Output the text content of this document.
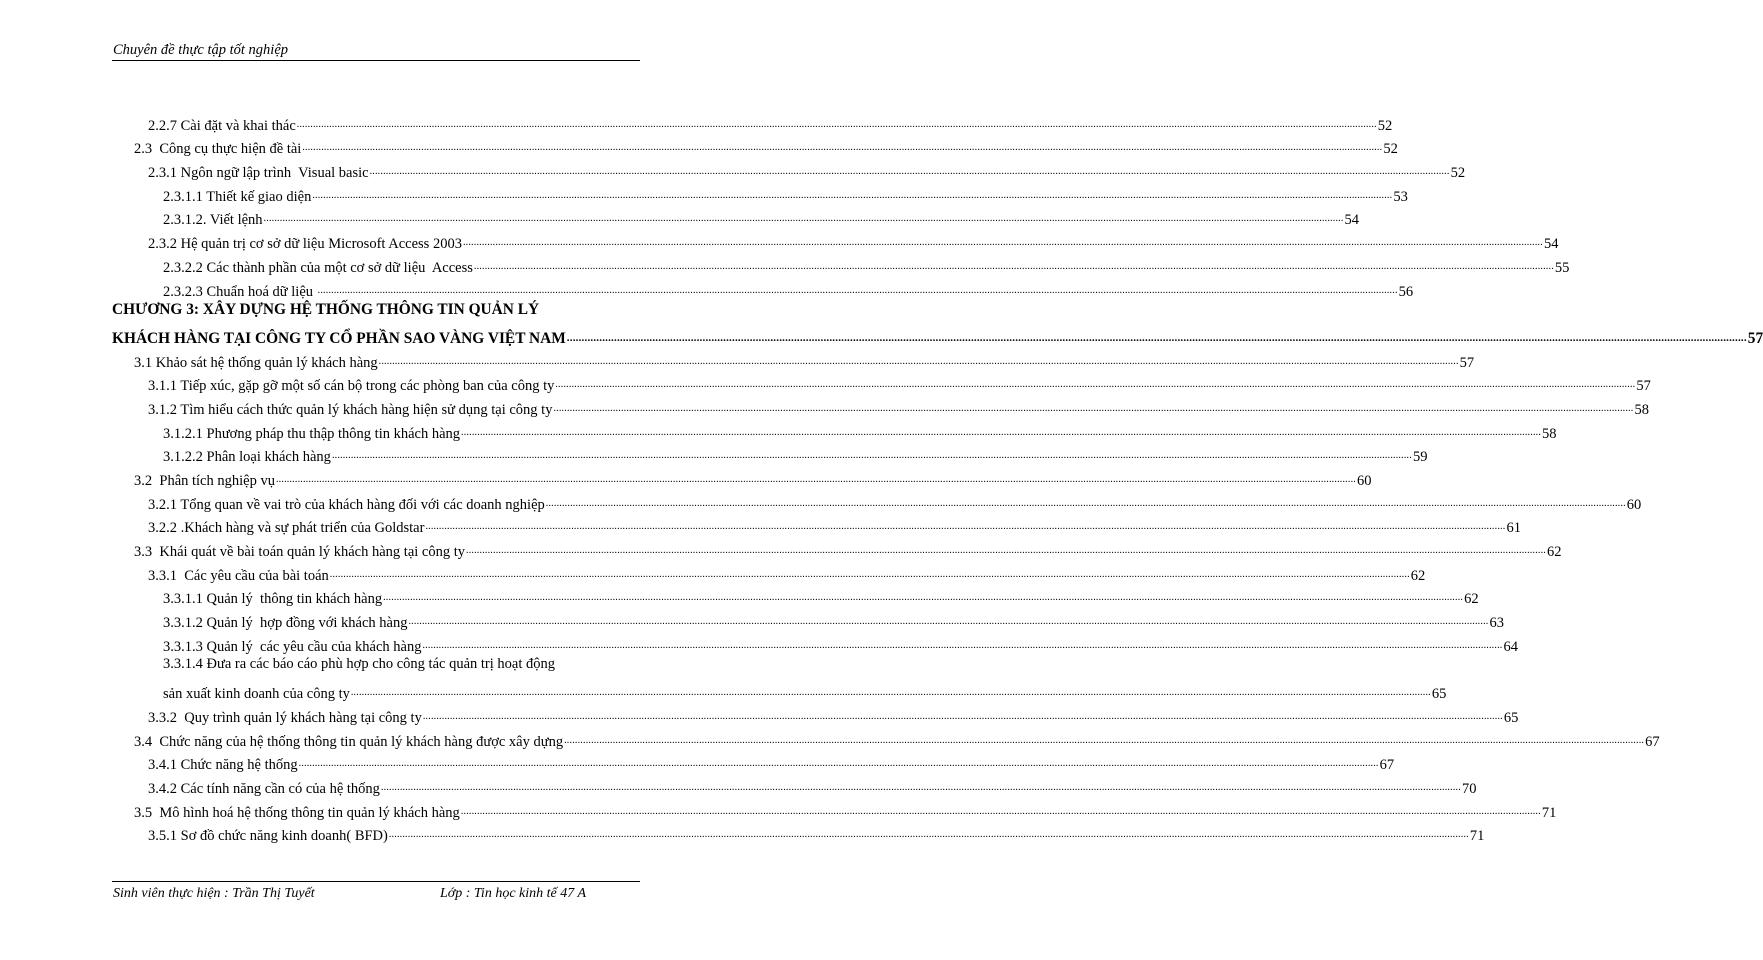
Chuyên đề thực tập tốt nghiệp
2.2.7 Cài đặt và khai thác ................................................................................................................................................................................................................................................................................................................................................................................................................ 52
2.3  Công cụ thực hiện đề tài ................................................................................................................................................................................................................................................................................................................................................................................................................ 52
2.3.1 Ngôn ngữ lập trình  Visual basic ................................................................................................................................................................................................................................................................................................................................................................................................................ 52
2.3.1.1 Thiết kế giao diện ................................................................................................................................................................................................................................................................................................................................................................................................................ 53
2.3.1.2. Viết lệnh ................................................................................................................................................................................................................................................................................................................................................................................................................ 54
2.3.2 Hệ quản trị cơ sở dữ liệu Microsoft Access 2003 ................................................................................................................................................................................................................................................................................................................................................................................................................ 54
2.3.2.2 Các thành phần của một cơ sở dữ liệu  Access ................................................................................................................................................................................................................................................................................................................................................................................................................ 55
2.3.2.3 Chuẩn hoá dữ liệu ................................................................................................................................................................................................................................................................................................................................................................................................................ 56
CHƯƠNG 3: XÂY DỰNG HỆ THỐNG THÔNG TIN QUẢN LÝ
KHÁCH HÀNG TẠI CÔNG TY CỔ PHẦN SAO VÀNG VIỆT NAM ................................................................................................................................................................................................................................................................................................................................................................................................................ 57
3.1 Khảo sát hệ thống quản lý khách hàng ................................................................................................................................................................................................................................................................................................................................................................................................................ 57
3.1.1 Tiếp xúc, gặp gỡ một số cán bộ trong các phòng ban của công ty ................................................................................................................................................................................................................................................................................................................................................................................................................ 57
3.1.2 Tìm hiểu cách thức quản lý khách hàng hiện sử dụng tại công ty ................................................................................................................................................................................................................................................................................................................................................................................................................ 58
3.1.2.1 Phương pháp thu thập thông tin khách hàng ................................................................................................................................................................................................................................................................................................................................................................................................................ 58
3.1.2.2 Phân loại khách hàng ................................................................................................................................................................................................................................................................................................................................................................................................................ 59
3.2  Phân tích nghiệp vụ ................................................................................................................................................................................................................................................................................................................................................................................................................ 60
3.2.1 Tổng quan về vai trò của khách hàng đối với các doanh nghiệp ................................................................................................................................................................................................................................................................................................................................................................................................................ 60
3.2.2 .Khách hàng và sự phát triển của Goldstar ................................................................................................................................................................................................................................................................................................................................................................................................................ 61
3.3  Khái quát về bài toán quản lý khách hàng tại công ty ................................................................................................................................................................................................................................................................................................................................................................................................................ 62
3.3.1  Các yêu cầu của bài toán ................................................................................................................................................................................................................................................................................................................................................................................................................ 62
3.3.1.1 Quản lý  thông tin khách hàng ................................................................................................................................................................................................................................................................................................................................................................................................................ 62
3.3.1.2 Quản lý  hợp đồng với khách hàng ................................................................................................................................................................................................................................................................................................................................................................................................................ 63
3.3.1.3 Quản lý  các yêu cầu của khách hàng ................................................................................................................................................................................................................................................................................................................................................................................................................ 64
3.3.1.4 Đưa ra các báo cáo phù hợp cho công tác quản trị hoạt động
sản xuất kinh doanh của công ty ................................................................................................................................................................................................................................................................................................................................................................................................................ 65
3.3.2  Quy trình quản lý khách hàng tại công ty ................................................................................................................................................................................................................................................................................................................................................................................................................ 65
3.4  Chức năng của hệ thống thông tin quản lý khách hàng được xây dựng ................................................................................................................................................................................................................................................................................................................................................................................................................ 67
3.4.1 Chức năng hệ thống ................................................................................................................................................................................................................................................................................................................................................................................................................ 67
3.4.2 Các tính năng cần có của hệ thống ................................................................................................................................................................................................................................................................................................................................................................................................................ 70
3.5  Mô hình hoá hệ thống thông tin quản lý khách hàng ................................................................................................................................................................................................................................................................................................................................................................................................................ 71
3.5.1 Sơ đồ chức năng kinh doanh( BFD) ................................................................................................................................................................................................................................................................................................................................................................................................................ 71
Sinh viên thực hiện : Trần Thị Tuyết	Lớp : Tin học kinh tế 47 A
